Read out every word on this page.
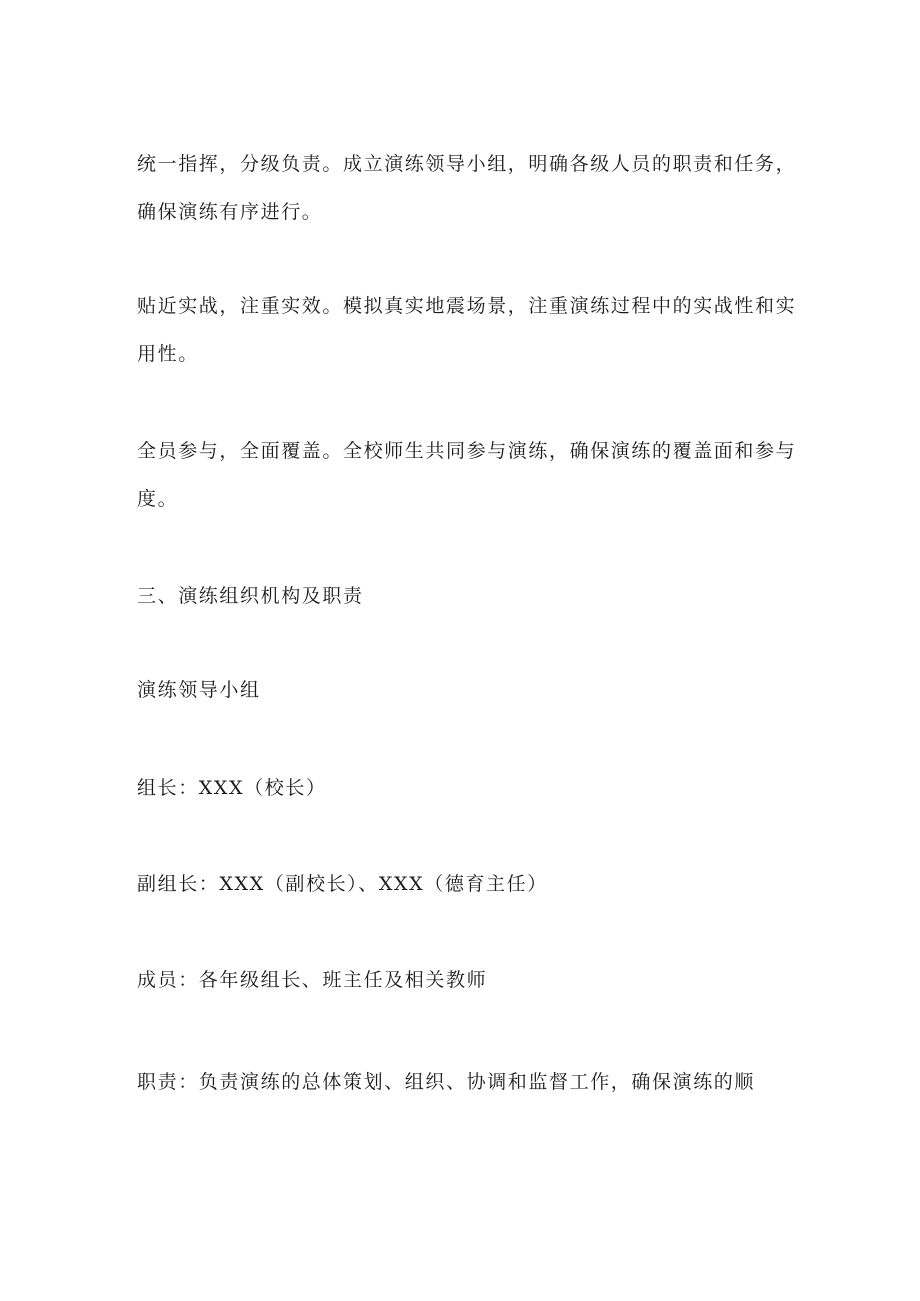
统一指挥，分级负责。成立演练领导小组，明确各级人员的职责和任务，
确保演练有序进行。

贴近实战，注重实效。模拟真实地震场景，注重演练过程中的实战性和实
用性。

全员参与，全面覆盖。全校师生共同参与演练，确保演练的覆盖面和参与
度。

三、演练组织机构及职责

演练领导小组

组长：XXX（校长）

副组长：XXX（副校长）、XXX（德育主任）

成员：各年级组长、班主任及相关教师

职责：负责演练的总体策划、组织、协调和监督工作，确保演练的顺
